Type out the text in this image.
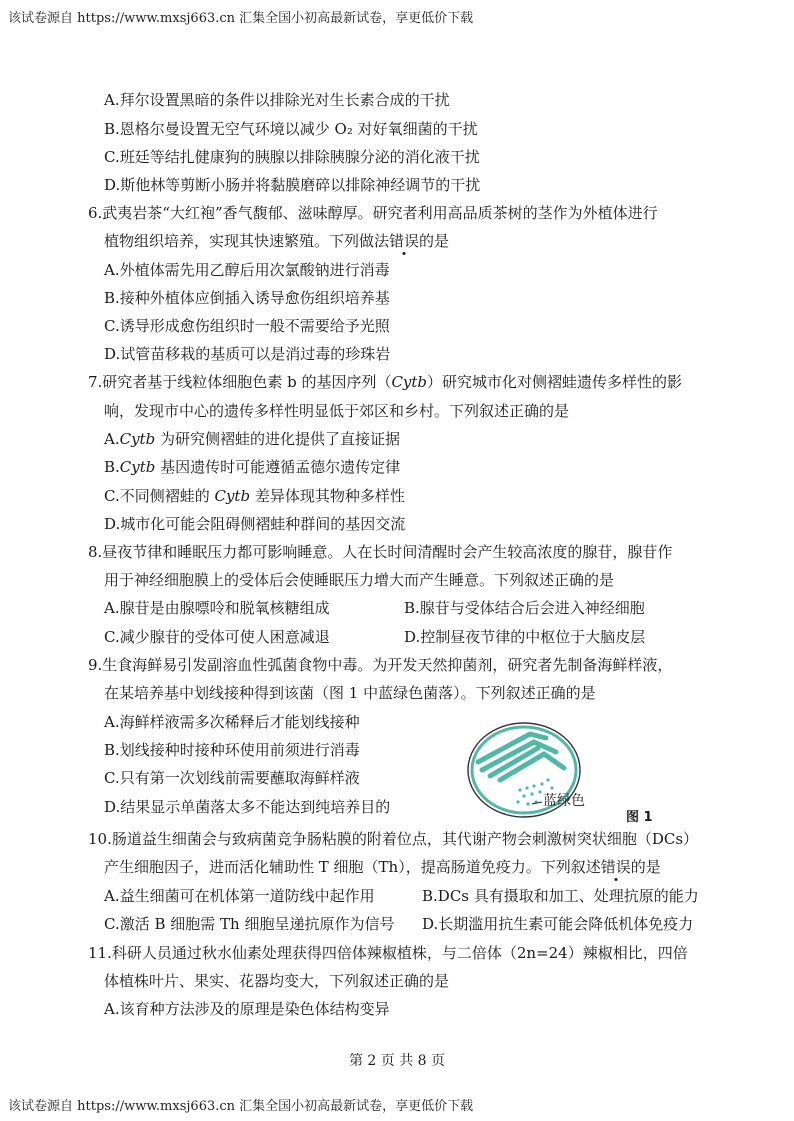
该试卷源自 https://www.mxsj663.cn 汇集全国小初高最新试卷，享更低价下载
A.拜尔设置黑暗的条件以排除光对生长素合成的干扰
B.恩格尔曼设置无空气环境以减少 O₂ 对好氧细菌的干扰
C.班廷等结扎健康狗的胰腺以排除胰腺分泌的消化液干扰
D.斯他林等剪断小肠并将黏膜磨碎以排除神经调节的干扰
6.武夷岩茶“大红袍”香气馥郁、滋味醇厚。研究者利用高品质茶树的茎作为外植体进行
植物组织培养，实现其快速繁殖。下列做法错误的是
A.外植体需先用乙醇后用次氯酸钠进行消毒
B.接种外植体应倒插入诱导愈伤组织培养基
C.诱导形成愈伤组织时一般不需要给予光照
D.试管苗移栽的基质可以是消过毒的珍珠岩
7.研究者基于线粒体细胞色素 b 的基因序列（Cytb）研究城市化对侧褶蛙遗传多样性的影
响，发现市中心的遗传多样性明显低于郊区和乡村。下列叙述正确的是
A.Cytb 为研究侧褶蛙的进化提供了直接证据
B.Cytb 基因遗传时可能遵循孟德尔遗传定律
C.不同侧褶蛙的 Cytb 差异体现其物种多样性
D.城市化可能会阻碍侧褶蛙种群间的基因交流
8.昼夜节律和睡眠压力都可影响睡意。人在长时间清醒时会产生较高浓度的腺苷，腺苷作
用于神经细胞膜上的受体后会使睡眠压力增大而产生睡意。下列叙述正确的是
A.腺苷是由腺嘌呤和脱氧核糖组成	B.腺苷与受体结合后会进入神经细胞
C.减少腺苷的受体可使人困意减退	D.控制昼夜节律的中枢位于大脑皮层
9.生食海鲜易引发副溶血性弧菌食物中毒。为开发天然抑菌剂，研究者先制备海鲜样液，
在某培养基中划线接种得到该菌（图 1 中蓝绿色菌落）。下列叙述正确的是
A.海鲜样液需多次稀释后才能划线接种
B.划线接种时接种环使用前须进行消毒
C.只有第一次划线前需要蘸取海鲜样液
D.结果显示单菌落太多不能达到纯培养目的	蓝绿色
图 1
10.肠道益生细菌会与致病菌竞争肠粘膜的附着位点，其代谢产物会刺激树突状细胞（DCs）
产生细胞因子，进而活化辅助性 T 细胞（Th），提高肠道免疫力。下列叙述错误的是
A.益生细菌可在机体第一道防线中起作用	B.DCs 具有摄取和加工、处理抗原的能力
C.激活 B 细胞需 Th 细胞呈递抗原作为信号 D.长期滥用抗生素可能会降低机体免疫力
11.科研人员通过秋水仙素处理获得四倍体辣椒植株，与二倍体（2n=24）辣椒相比，四倍
体植株叶片、果实、花器均变大，下列叙述正确的是
A.该育种方法涉及的原理是染色体结构变异
第 2 页 共 8 页
该试卷源自 https://www.mxsj663.cn 汇集全国小初高最新试卷，享更低价下载
